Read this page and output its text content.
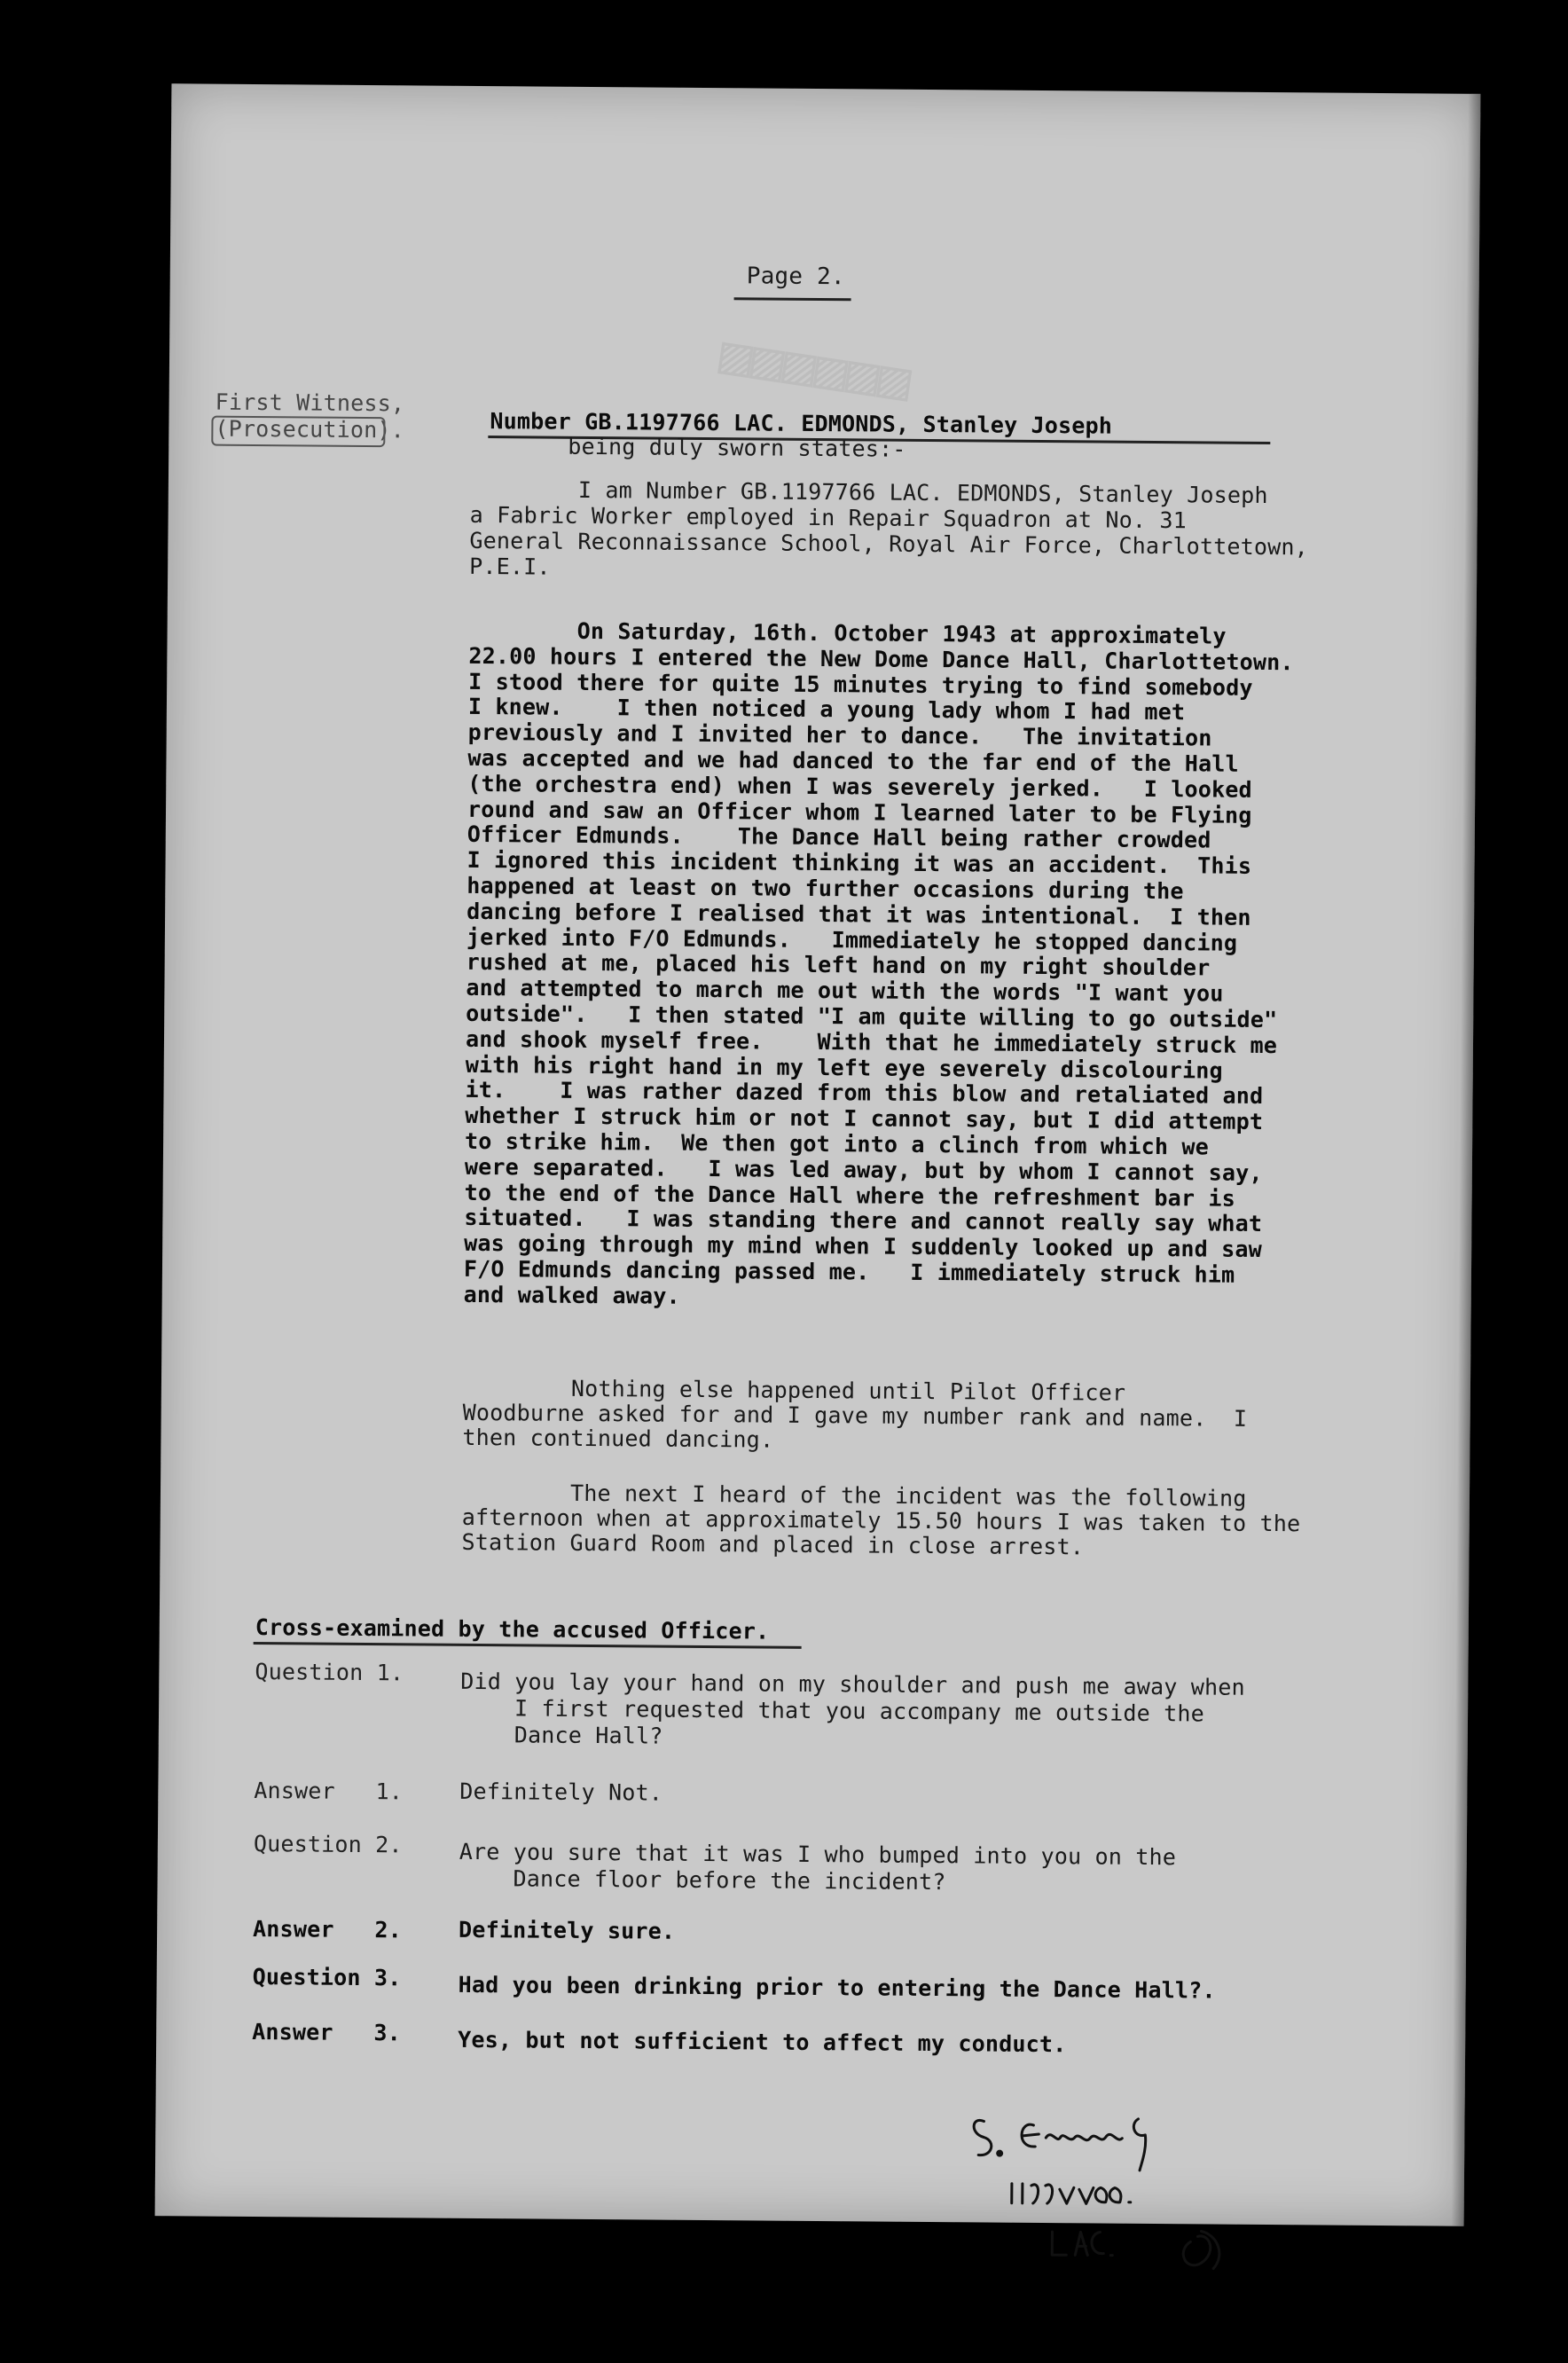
▨▨▨▨▨▨
Page 2.
First Witness,
(Prosecution).	Number GB.1197766 LAC. EDMONDS, Stanley Joseph
being duly sworn states:-
I am Number GB.1197766 LAC. EDMONDS, Stanley Joseph
a Fabric Worker employed in Repair Squadron at No. 31
General Reconnaissance School, Royal Air Force, Charlottetown,
P.E.I.
On Saturday, 16th. October 1943 at approximately
22.00 hours I entered the New Dome Dance Hall, Charlottetown.
I stood there for quite 15 minutes trying to find somebody
I knew.    I then noticed a young lady whom I had met
previously and I invited her to dance.   The invitation
was accepted and we had danced to the far end of the Hall
(the orchestra end) when I was severely jerked.   I looked
round and saw an Officer whom I learned later to be Flying
Officer Edmunds.    The Dance Hall being rather crowded
I ignored this incident thinking it was an accident.  This
happened at least on two further occasions during the
dancing before I realised that it was intentional.  I then
jerked into F/O Edmunds.   Immediately he stopped dancing
rushed at me, placed his left hand on my right shoulder
and attempted to march me out with the words "I want you
outside".   I then stated "I am quite willing to go outside"
and shook myself free.    With that he immediately struck me
with his right hand in my left eye severely discolouring
it.    I was rather dazed from this blow and retaliated and
whether I struck him or not I cannot say, but I did attempt
to strike him.  We then got into a clinch from which we
were separated.   I was led away, but by whom I cannot say,
to the end of the Dance Hall where the refreshment bar is
situated.   I was standing there and cannot really say what
was going through my mind when I suddenly looked up and saw
F/O Edmunds dancing passed me.   I immediately struck him
and walked away.
Nothing else happened until Pilot Officer
Woodburne asked for and I gave my number rank and name.  I
then continued dancing.
The next I heard of the incident was the following
afternoon when at approximately 15.50 hours I was taken to the
Station Guard Room and placed in close arrest.
Cross-examined by the accused Officer.
Question 1.	Did you lay your hand on my shoulder and push me away when
I first requested that you accompany me outside the
Dance Hall?
Answer   1.	Definitely Not.
Question 2.	Are you sure that it was I who bumped into you on the
Dance floor before the incident?
Answer   2.	Definitely sure.
Question 3.	Had you been drinking prior to entering the Dance Hall?.
Answer   3.	Yes, but not sufficient to affect my conduct.
